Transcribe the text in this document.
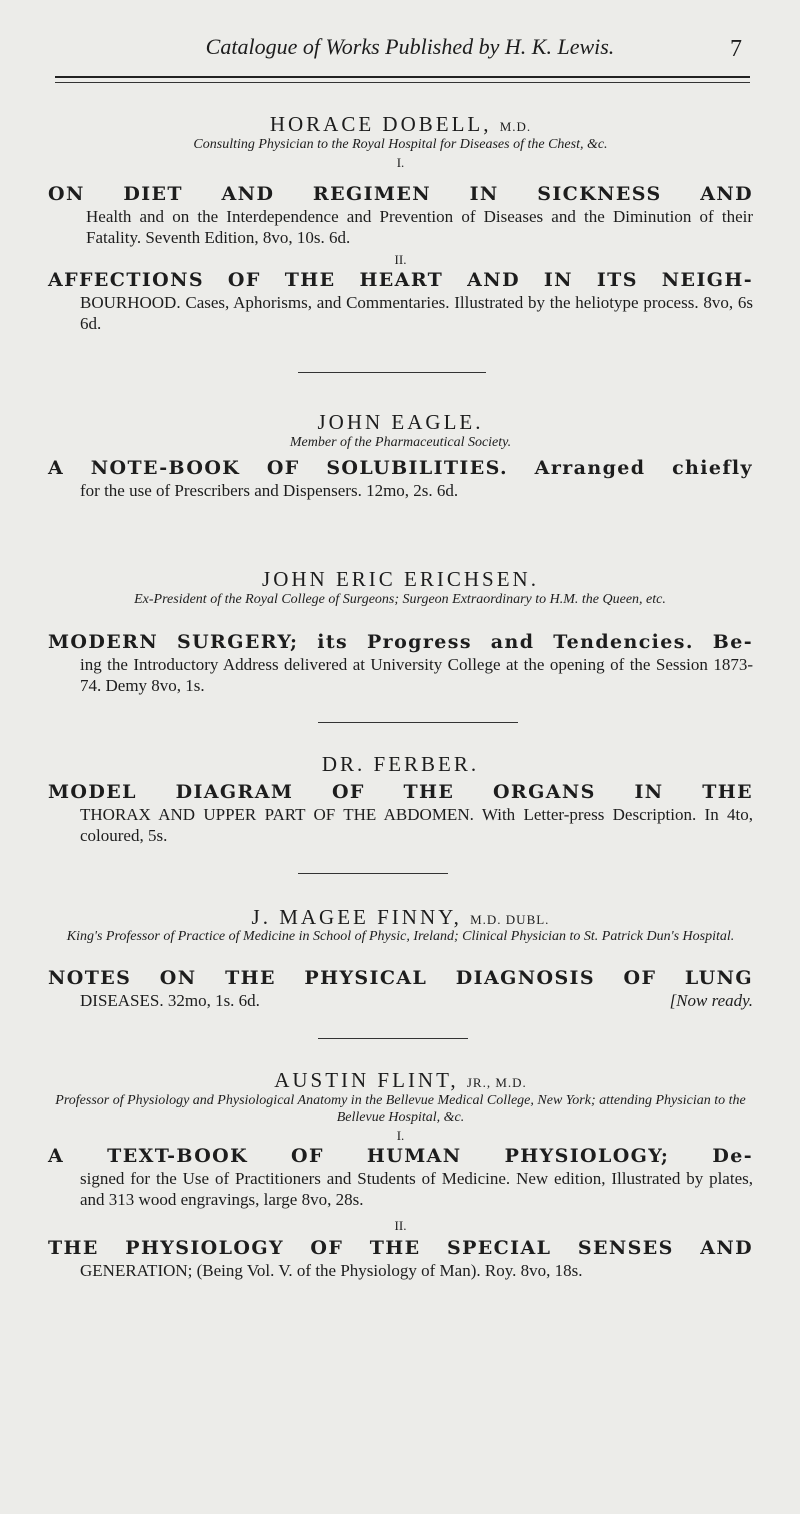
Catalogue of Works Published by H. K. Lewis.	7
HORACE DOBELL, M.D.
Consulting Physician to the Royal Hospital for Diseases of the Chest, &c.
I.
ON DIET AND REGIMEN IN SICKNESS AND
Health and on the Interdependence and Prevention of Diseases and the Diminution of their Fatality. Seventh Edition, 8vo, 10s. 6d.
II.
AFFECTIONS OF THE HEART AND IN ITS NEIGH-
BOURHOOD. Cases, Aphorisms, and Commentaries. Illustrated by the heliotype process. 8vo, 6s 6d.
JOHN EAGLE.
Member of the Pharmaceutical Society.
A NOTE-BOOK OF SOLUBILITIES. Arranged chiefly
for the use of Prescribers and Dispensers. 12mo, 2s. 6d.
JOHN ERIC ERICHSEN.
Ex-President of the Royal College of Surgeons; Surgeon Extraordinary to H.M. the Queen, etc.
MODERN SURGERY; its Progress and Tendencies. Be-
ing the Introductory Address delivered at University College at the opening of the Session 1873-74. Demy 8vo, 1s.
DR. FERBER.
MODEL DIAGRAM OF THE ORGANS IN THE
THORAX AND UPPER PART OF THE ABDOMEN. With Letter-press Description. In 4to, coloured, 5s.
J. MAGEE FINNY, M.D. DUBL.
King's Professor of Practice of Medicine in School of Physic, Ireland; Clinical Physician to St. Patrick Dun's Hospital.
NOTES ON THE PHYSICAL DIAGNOSIS OF LUNG
DISEASES. 32mo, 1s. 6d.	[Now ready.
AUSTIN FLINT, JR., M.D.
Professor of Physiology and Physiological Anatomy in the Bellevue Medical College, New York; attending Physician to the Bellevue Hospital, &c.
I.
A TEXT-BOOK OF HUMAN PHYSIOLOGY; De-
signed for the Use of Practitioners and Students of Medicine. New edition, Illustrated by plates, and 313 wood engravings, large 8vo, 28s.
II.
THE PHYSIOLOGY OF THE SPECIAL SENSES AND
GENERATION; (Being Vol. V. of the Physiology of Man). Roy. 8vo, 18s.
